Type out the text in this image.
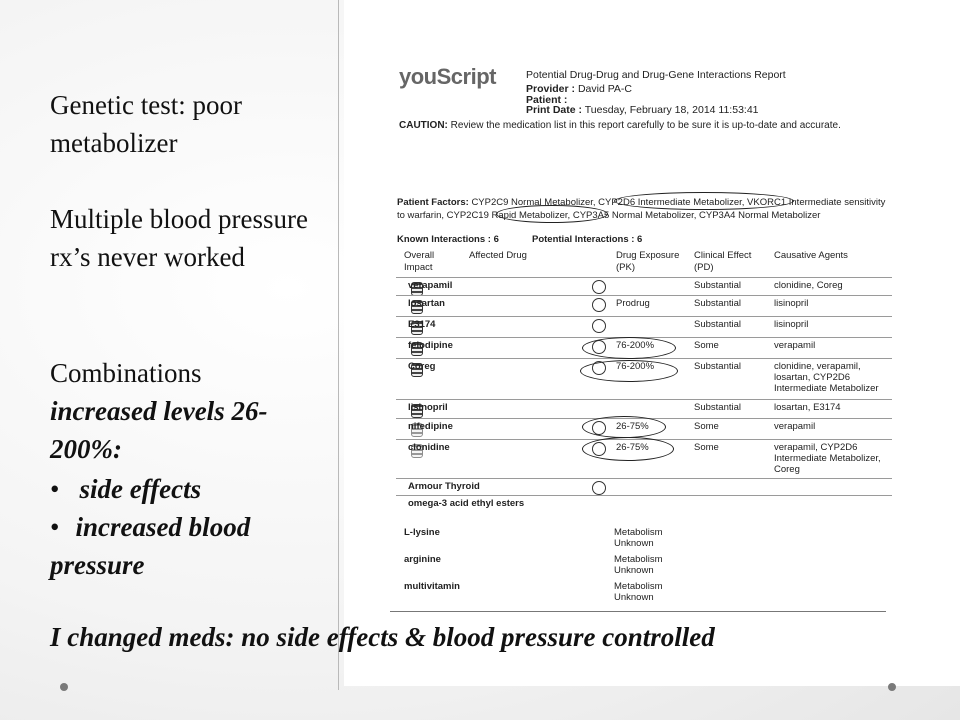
Genetic test: poor metabolizer
Multiple blood pressure rx’s never worked
Combinations
increased levels 26-200%:
• side effects
• increased blood pressure
youScript	Potential Drug-Drug and Drug-Gene Interactions Report
Provider : David PA-C
Patient :
Print Date : Tuesday, February 18, 2014 11:53:41
CAUTION: Review the medication list in this report carefully to be sure it is up-to-date and accurate.
Patient Factors: CYP2C9 Normal Metabolizer, CYP2D6 Intermediate Metabolizer, VKORC1 Intermediate sensitivity to warfarin, CYP2C19 Rapid Metabolizer, CYP3A5 Normal Metabolizer, CYP3A4 Normal Metabolizer
Known Interactions : 6	Potential Interactions : 6
Overall Impact
Affected Drug	Drug Exposure (PK)
Clinical Effect (PD)
Causative Agents
verapamil	Substantial	clonidine, Coreg
losartan	Prodrug	Substantial	lisinopril
E3174	Substantial	lisinopril
felodipine	76-200%	Some	verapamil
Coreg	76-200%	Substantial	clonidine, verapamil, losartan, CYP2D6 Intermediate Metabolizer
lisinopril	Substantial	losartan, E3174
nifedipine	26-75%	Some	verapamil
clonidine	26-75%	Some	verapamil, CYP2D6 Intermediate Metabolizer, Coreg
Armour Thyroid
omega-3 acid ethyl esters
L-lysine	Metabolism Unknown
arginine	Metabolism Unknown
multivitamin	Metabolism Unknown
I changed meds: no side effects & blood pressure controlled
